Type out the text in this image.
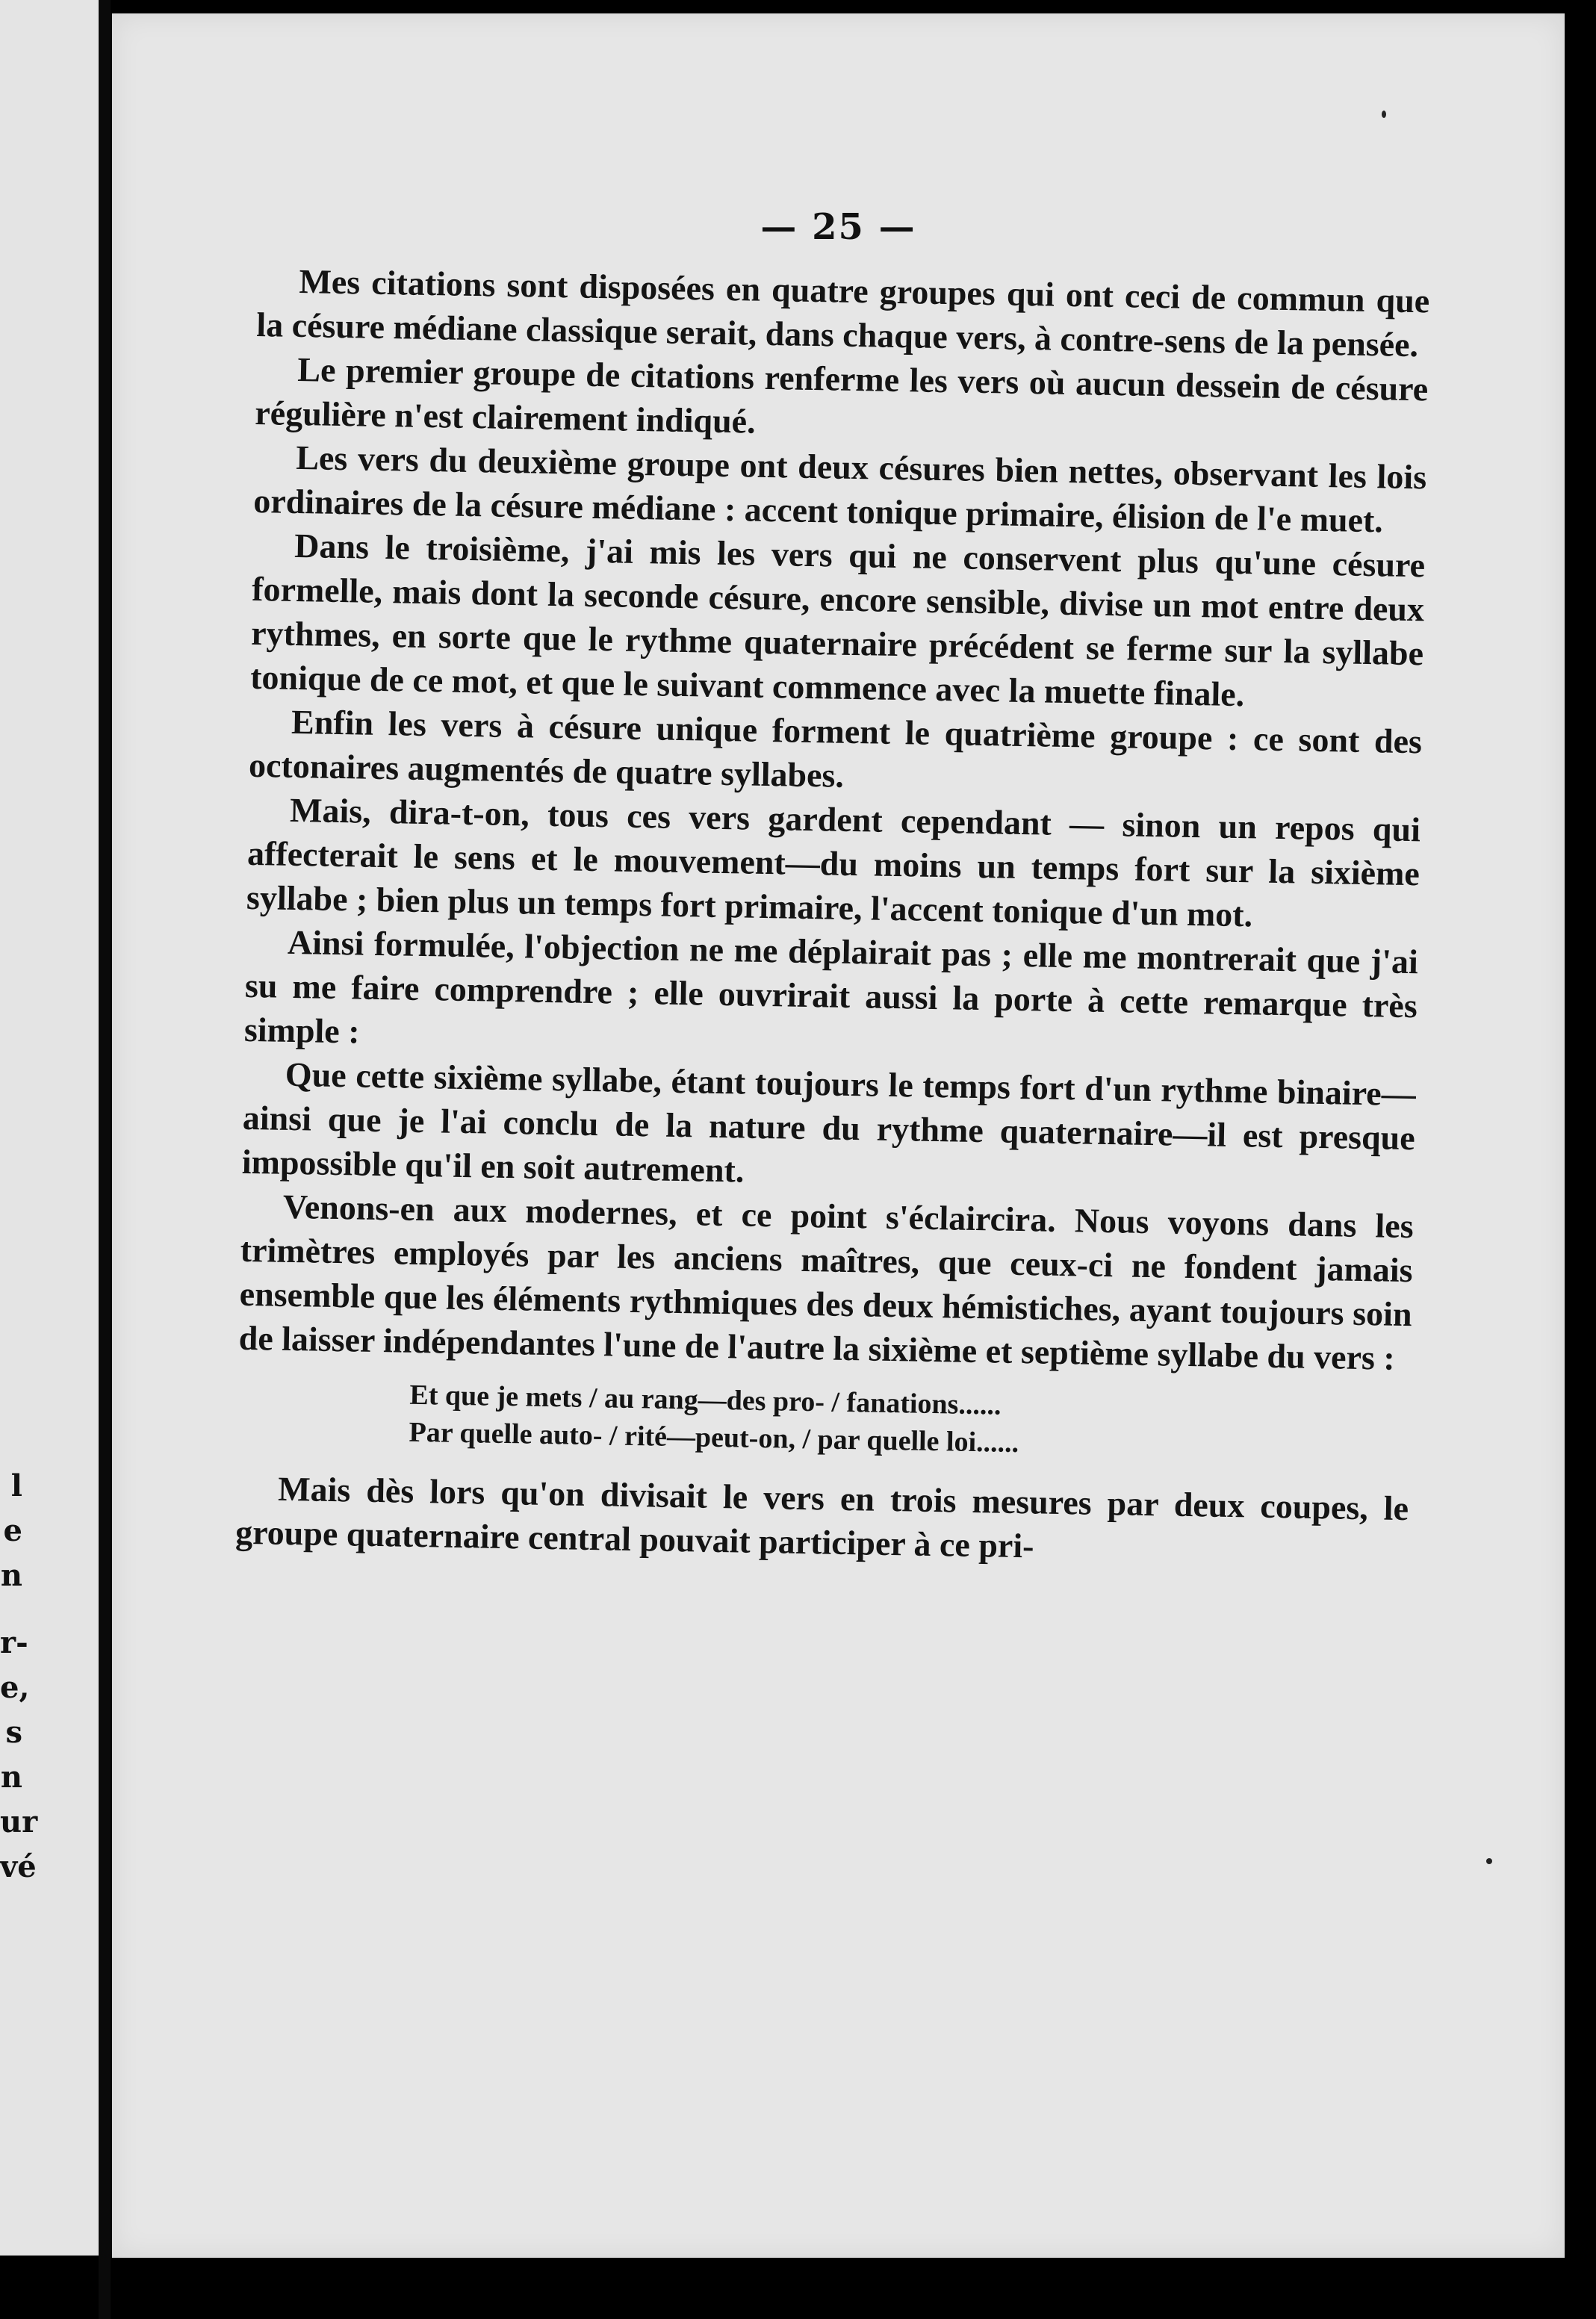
l
e
n
r-
e,
s
n
ur
vé
— 25 —

Mes citations sont disposées en quatre groupes qui ont ceci de commun que la césure médiane classique serait, dans chaque vers, à contre-sens de la pensée.

Le premier groupe de citations renferme les vers où aucun dessein de césure régulière n'est clairement indiqué.

Les vers du deuxième groupe ont deux césures bien nettes, observant les lois ordinaires de la césure médiane : accent tonique primaire, élision de l'e muet.

Dans le troisième, j'ai mis les vers qui ne conservent plus qu'une césure formelle, mais dont la seconde césure, encore sensible, divise un mot entre deux rythmes, en sorte que le rythme quaternaire précédent se ferme sur la syllabe tonique de ce mot, et que le suivant commence avec la muette finale.

Enfin les vers à césure unique forment le quatrième groupe : ce sont des octonaires augmentés de quatre syllabes.

Mais, dira-t-on, tous ces vers gardent cependant — sinon un repos qui affecterait le sens et le mouvement—du moins un temps fort sur la sixième syllabe ; bien plus un temps fort primaire, l'accent tonique d'un mot.

Ainsi formulée, l'objection ne me déplairait pas ; elle me montrerait que j'ai su me faire comprendre ; elle ouvrirait aussi la porte à cette remarque très simple :

Que cette sixième syllabe, étant toujours le temps fort d'un rythme binaire—ainsi que je l'ai conclu de la nature du rythme quaternaire—il est presque impossible qu'il en soit autrement.

Venons-en aux modernes, et ce point s'éclaircira. Nous voyons dans les trimètres employés par les anciens maîtres, que ceux-ci ne fondent jamais ensemble que les éléments rythmiques des deux hémistiches, ayant toujours soin de laisser indépendantes l'une de l'autre la sixième et septième syllabe du vers :

Et que je mets / au rang—des pro- / fanations......
Par quelle auto- / rité—peut-on, / par quelle loi......

Mais dès lors qu'on divisait le vers en trois mesures par deux coupes, le groupe quaternaire central pouvait participer à ce pri-
